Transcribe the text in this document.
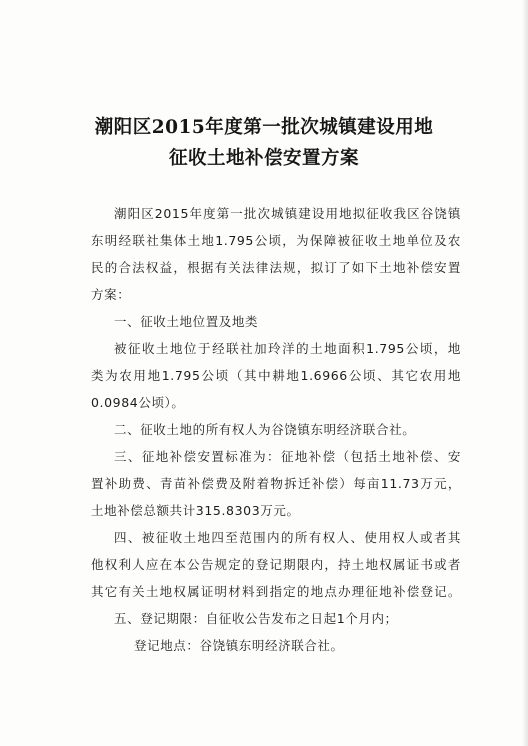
潮阳区2015年度第一批次城镇建设用地
征收土地补偿安置方案
潮阳区2015年度第一批次城镇建设用地拟征收我区谷饶镇
东明经联社集体土地1.795公顷，为保障被征收土地单位及农
民的合法权益，根据有关法律法规，拟订了如下土地补偿安置
方案：
一、征收土地位置及地类
被征收土地位于经联社加玲洋的土地面积1.795公顷，地
类为农用地1.795公顷（其中耕地1.6966公顷、其它农用地
0.0984公顷）。
二、征收土地的所有权人为谷饶镇东明经济联合社。
三、征地补偿安置标准为：征地补偿（包括土地补偿、安
置补助费、青苗补偿费及附着物拆迁补偿）每亩11.73万元，
土地补偿总额共计315.8303万元。
四、被征收土地四至范围内的所有权人、使用权人或者其
他权利人应在本公告规定的登记期限内，持土地权属证书或者
其它有关土地权属证明材料到指定的地点办理征地补偿登记。
五、登记期限：自征收公告发布之日起1个月内；
登记地点：谷饶镇东明经济联合社。
